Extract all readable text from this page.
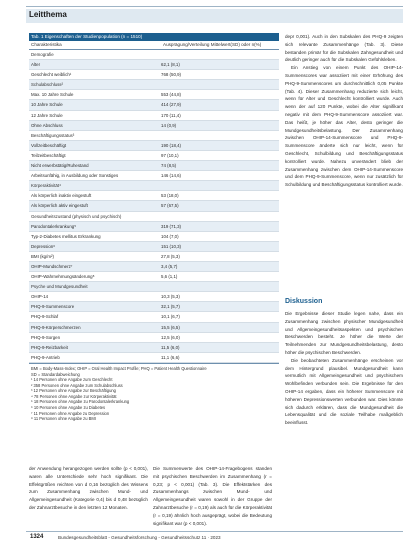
Leitthema
Tab. 1 Eigenschaften der Studienpopulation (n = 1510)
Charakteristika	Ausprägung/Verteilung Mittelwert(SD) oder n(%)
Demografie
Alter	62,1 (8,1)
Geschlecht weiblich¹	768 (50,9)
Schulabschluss²
Max. 10 Jahre Schule	553 (44,8)
10 Jahre Schule	414 (27,9)
12 Jahre Schule	170 (11,4)
Ohne Abschluss	14 (0,9)
Beschäftigungsstatus³
Vollzeitbeschäftigt	190 (18,4)
Teilzeitbeschäftigt	97 (10,1)
Nicht erwerbstätig/Ruhestand	74 (8,5)
Arbeitsunfähig, in Ausbildung oder Sonstiges	146 (14,6)
Körperaktivität⁴
Als körperlich inaktiv eingestuft	53 (18,0)
Als körperlich aktiv eingestuft	57 (67,5)
Gesundheitszustand (physisch und psychisch)
Parodontalerkrankung⁵	319 (71,3)
Typ-2-Diabetes mellitus Erkrankung	104 (7,0)
Depression⁶	151 (10,3)
BMI (kg/m²)	27,8 (5,3)
OHIP-Mundschmerz⁷	3,4 (5,7)
OHIP-Wahrnehmungsänderung⁸	5,6 (1,1)
Psyche und Mundgesundheit
OHIP-14	10,3 (5,3)
PHQ-9-Summenscore	32,1 (5,7)
PHQ-9-Schlaf	10,1 (6,7)
PHQ-9-Körperschmerzen	15,5 (6,5)
PHQ-9-Sorgen	12,5 (6,0)
PHQ-9-Reizbarkeit	11,5 (6,0)
PHQ-9-Antrieb	11,1 (6,6)
BMI = Body-Mass-Index; OHIP = Oral Health Impact Profile; PHQ = Patient Health Questionnaire
SD = Standardabweichung
¹ 14 Personen ohne Angabe zum Geschlecht
² 358 Personen ohne Angabe zum Schulabschluss
³ 12 Personen ohne Angabe zur Beschäftigung
⁴ 78 Personen ohne Angabe zur Körperaktivität
⁵ 18 Personen ohne Angabe zu Parodontalerkrankung
⁶ 10 Personen ohne Angabe zu Diabetes
⁷ 11 Personen ohne Angabe zu Depression
⁸ 11 Personen ohne Angabe zu BMI

der Anwendung herangezogen werden sollte (p < 0,001), waren alle Unterschiede sehr hoch signifikant. Die Effektgrößen reichten von d 0,16 bezüglich des Wissens zum Zusammenhang zwischen Mund- und Allgemeingesundheit (Kategorie 0,4) bis d 0,48 bezüglich der Zahnarztbesuche in den letzten 12 Monaten.

Die Summenwerte des OHIP-14-Fragebogens standen mit psychischen Beschwerden im Zusammenhang (r = 0,23; p < 0,001) (Tab. 3). Die Effektstärken des Zusammenhangs zwischen Mund- und Allgemeingesundheit waren sowohl in der Gruppe der Zahnarztbesuche (r = 0,19) als auch für die Körperaktivität (r = 0,19) ähnlich hoch ausgeprägt, wobei die Bedeutung signifikant war (p < 0,001).

depr 0,001). Auch in den Subskalen des PHQ-9 zeigten sich relevante Zusammenhänge (Tab. 3). Diese bestanden primär für die Subskalen Zahngesundheit und deutlich geringer auch für die Subskalen Gefühlsleben.

Ein Anstieg von einem Punkt des OHIP-14-Summenscores war assoziiert mit einer Erhöhung des PHQ-9-Summenscores um durchschnittlich 0,05 Punkte (Tab. 4). Dieser Zusammenhang reduzierte sich leicht, wenn für Alter und Geschlecht kontrolliert wurde. Auch wenn der auf 120 Punkte, wobei die Alter signifikant negativ mit dem PHQ-9-Summenscore assoziiert war. Das heißt, je höher das Alter, desto geringer die Mundgesundheitsbelastung. Der Zusammenhang zwischen OHIP-14-Summenscore und PHQ-9-Summenscore änderte sich nur leicht, wenn für Geschlecht, Schulbildung und Beschäftigungsstatus kontrolliert wurde. Nahezu unverändert blieb der Zusammenhang zwischen dem OHIP-14-Summenscore und dem PHQ-9-Summenscore, wenn nur zusätzlich für Schulbildung und Beschäftigungsstatus kontrolliert wurde.

Diskussion

Die Ergebnisse dieser Studie legen nahe, dass ein Zusammenhang zwischen physischer Mundgesundheit und Allgemeingesundheitsaspekten und psychischen Beschwerden besteht. Je höher die Werte der Teilnehmenden zur Mundgesundheitsbelastung, desto höher die psychischen Beschwerden.

Die beobachteten Zusammenhänge erscheinen vor dem Hintergrund plausibel. Mundgesundheit kann vermutlich mit Allgemeingesundheit und psychischem Wohlbefinden verbunden sein. Die Ergebnisse für den OHIP-14 ergaben, dass ein höherer Summenscore mit höheren Depressionswerten verbunden war. Dies könnte sich dadurch erklären, dass die Mundgesundheit die Lebensqualität und die soziale Teilhabe maßgeblich beeinflusst.

1324	Bundesgesundheitsblatt - Gesundheitsforschung - Gesundheitsschutz 11 · 2023
